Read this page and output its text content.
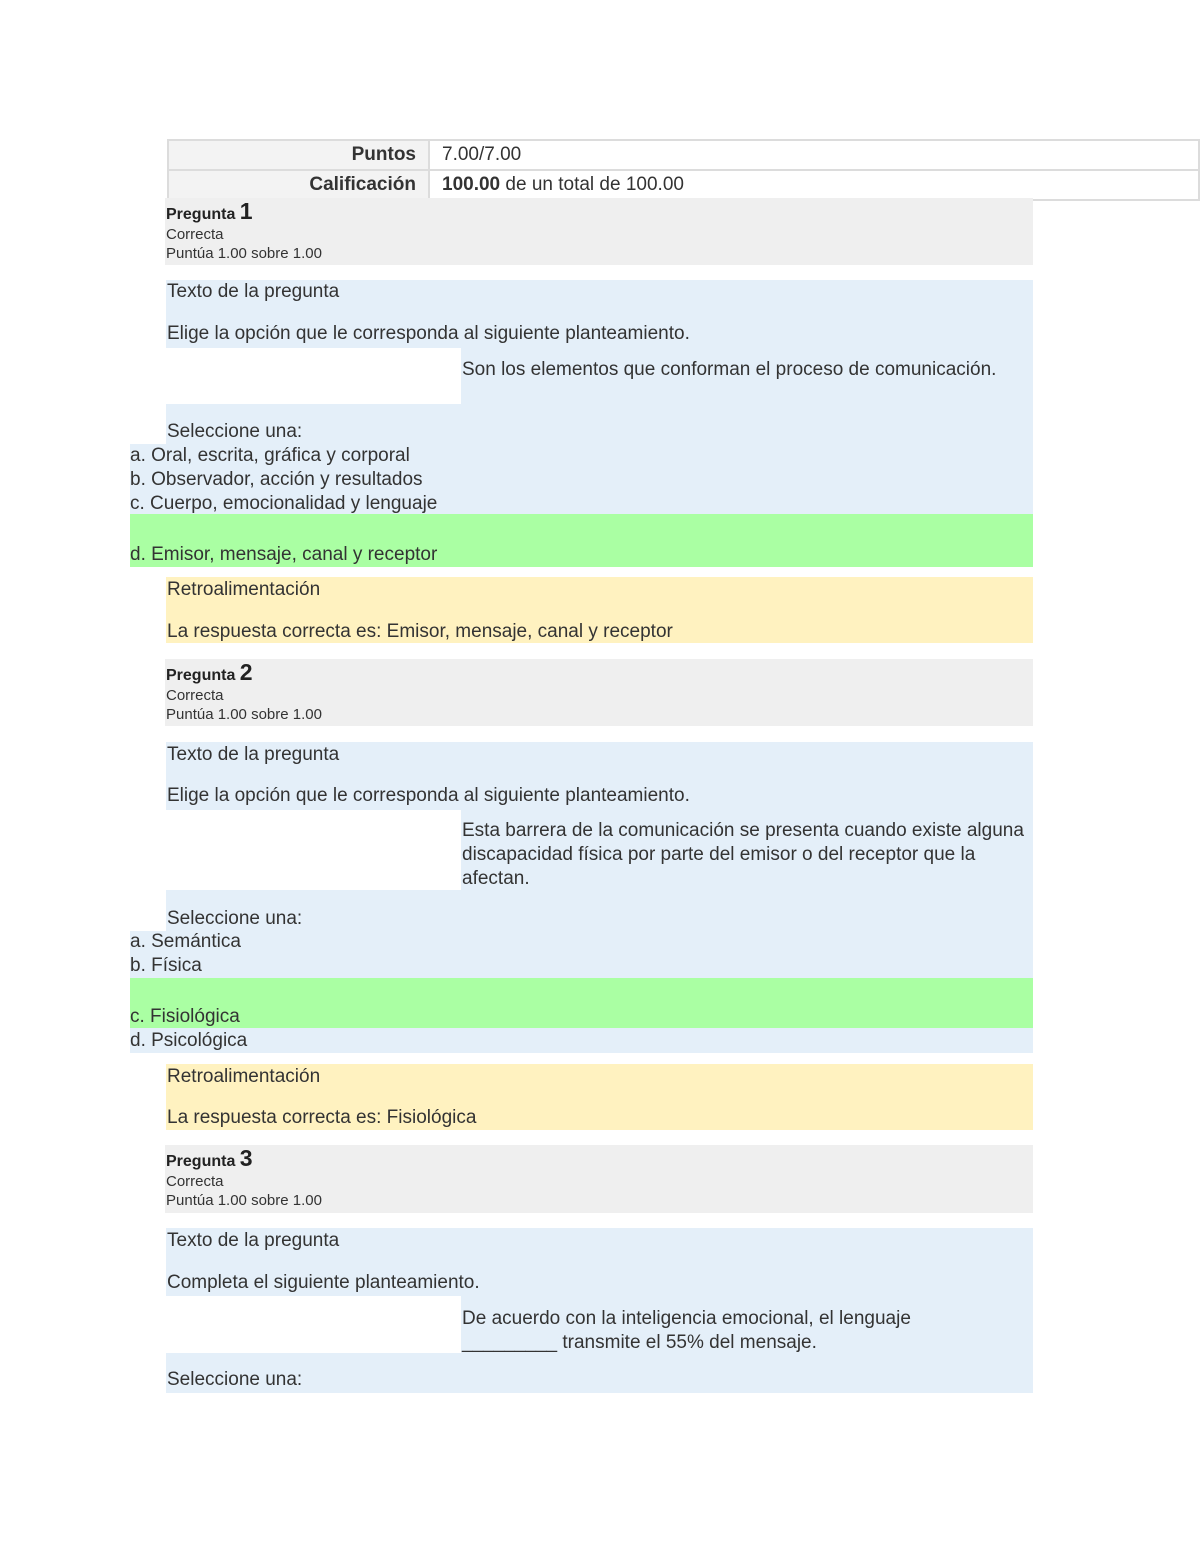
Puntos	7.00/7.00
Calificación	100.00 de un total de 100.00
Pregunta 1
Correcta
Puntúa 1.00 sobre 1.00
Texto de la pregunta
Elige la opción que le corresponda al siguiente planteamiento.
Son los elementos que conforman el proceso de comunicación.
Seleccione una:
a. Oral, escrita, gráfica y corporal
b. Observador, acción y resultados
c. Cuerpo, emocionalidad y lenguaje
d. Emisor, mensaje, canal y receptor
Retroalimentación
La respuesta correcta es: Emisor, mensaje, canal y receptor
Pregunta 2
Correcta
Puntúa 1.00 sobre 1.00
Texto de la pregunta
Elige la opción que le corresponda al siguiente planteamiento.
Esta barrera de la comunicación se presenta cuando existe alguna discapacidad física por parte del emisor o del receptor que la afectan.
Seleccione una:
a. Semántica
b. Física
c. Fisiológica
d. Psicológica
Retroalimentación
La respuesta correcta es: Fisiológica
Pregunta 3
Correcta
Puntúa 1.00 sobre 1.00
Texto de la pregunta
Completa el siguiente planteamiento.
De acuerdo con la inteligencia emocional, el lenguaje
_________ transmite el 55% del mensaje.
Seleccione una:
